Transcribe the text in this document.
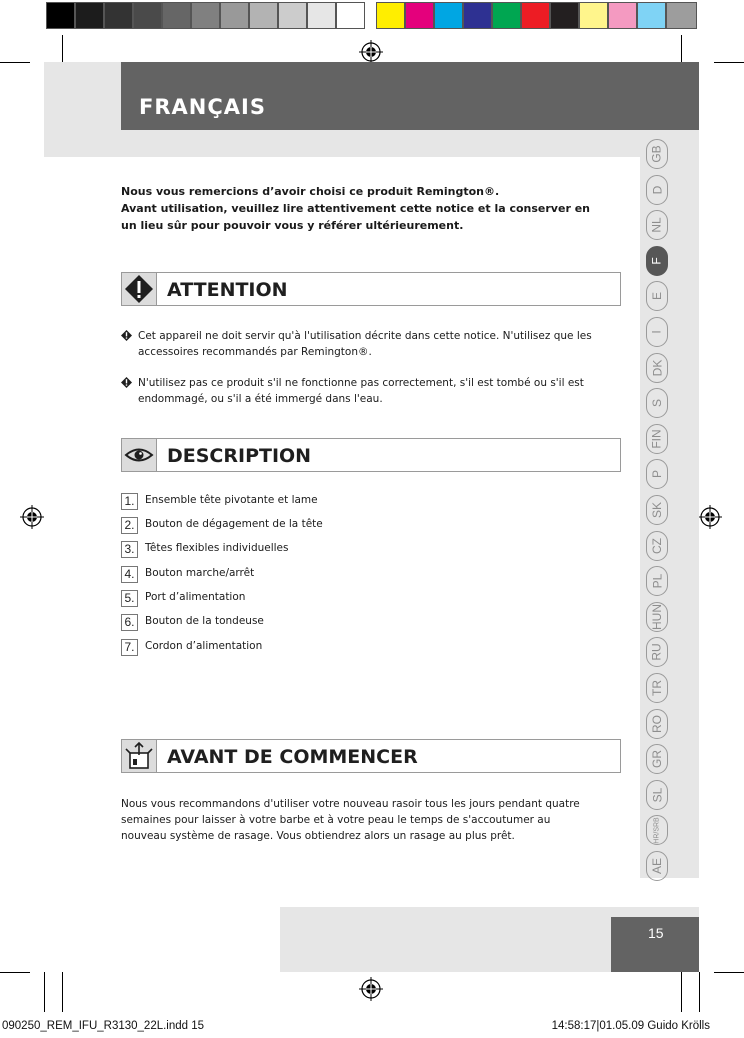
FRANÇAIS
GB
D
NL
F
E
I
DK
S
FIN
P
SK
CZ
PL
HUN
RU
TR
RO
GR
SL
HR/SRB
AE
Nous vous remercions d’avoir choisi ce produit Remington®.
Avant utilisation, veuillez lire attentivement cette notice et la conserver en un lieu sûr pour pouvoir vous y référer ultérieurement.
ATTENTION
Cet appareil ne doit servir qu'à l'utilisation décrite dans cette notice. N'utilisez que les accessoires recommandés par Remington®.
N'utilisez pas ce produit s'il ne fonctionne pas correctement, s'il est tombé ou s'il est endommagé, ou s'il a été immergé dans l'eau.
DESCRIPTION
1.	Ensemble tête pivotante et lame
2.	Bouton de dégagement de la tête
3.	Têtes flexibles individuelles
4.	Bouton marche/arrêt
5.	Port d’alimentation
6.	Bouton de la tondeuse
7.	Cordon d’alimentation
AVANT DE COMMENCER
Nous vous recommandons d'utiliser votre nouveau rasoir tous les jours pendant quatre semaines pour laisser à votre barbe et à votre peau le temps de s'accoutumer au nouveau système de rasage. Vous obtiendrez alors un rasage au plus prêt.
15
090250_REM_IFU_R3130_22L.indd 15	14:58:17|01.05.09 Guido Krölls
